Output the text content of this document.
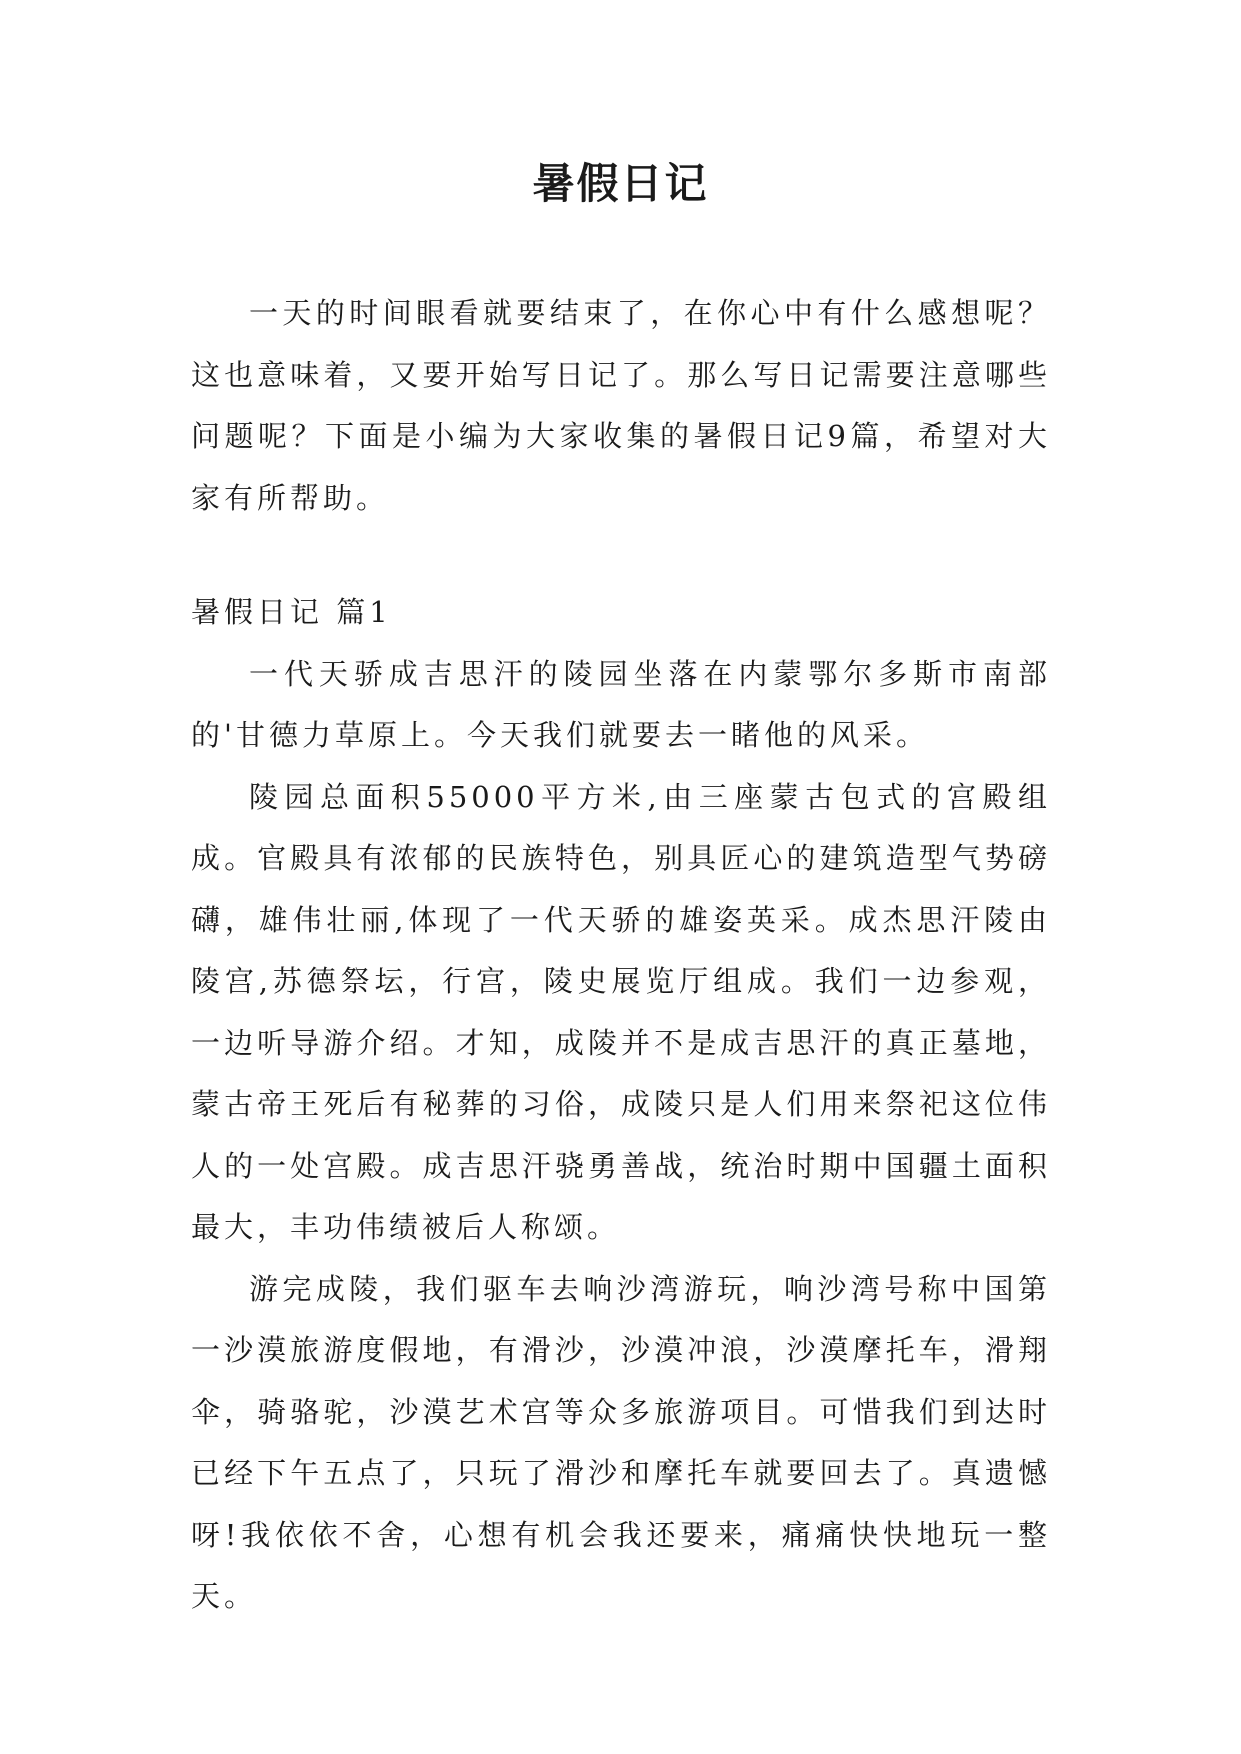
暑假日记

一天的时间眼看就要结束了，在你心中有什么感想呢？这也意味着，又要开始写日记了。那么写日记需要注意哪些问题呢？下面是小编为大家收集的暑假日记9篇，希望对大家有所帮助。

暑假日记 篇1

一代天骄成吉思汗的陵园坐落在内蒙鄂尔多斯市南部的'甘德力草原上。今天我们就要去一睹他的风采。

陵园总面积55000平方米,由三座蒙古包式的宫殿组成。官殿具有浓郁的民族特色，别具匠心的建筑造型气势磅礴，雄伟壮丽,体现了一代天骄的雄姿英采。成杰思汗陵由陵宫,苏德祭坛，行宫，陵史展览厅组成。我们一边参观，一边听导游介绍。才知，成陵并不是成吉思汗的真正墓地，蒙古帝王死后有秘葬的习俗，成陵只是人们用来祭祀这位伟人的一处宫殿。成吉思汗骁勇善战，统治时期中国疆土面积最大，丰功伟绩被后人称颂。

游完成陵，我们驱车去响沙湾游玩，响沙湾号称中国第一沙漠旅游度假地，有滑沙，沙漠冲浪，沙漠摩托车，滑翔伞，骑骆驼，沙漠艺术宫等众多旅游项目。可惜我们到达时已经下午五点了，只玩了滑沙和摩托车就要回去了。真遗憾呀!我依依不舍，心想有机会我还要来，痛痛快快地玩一整天。
